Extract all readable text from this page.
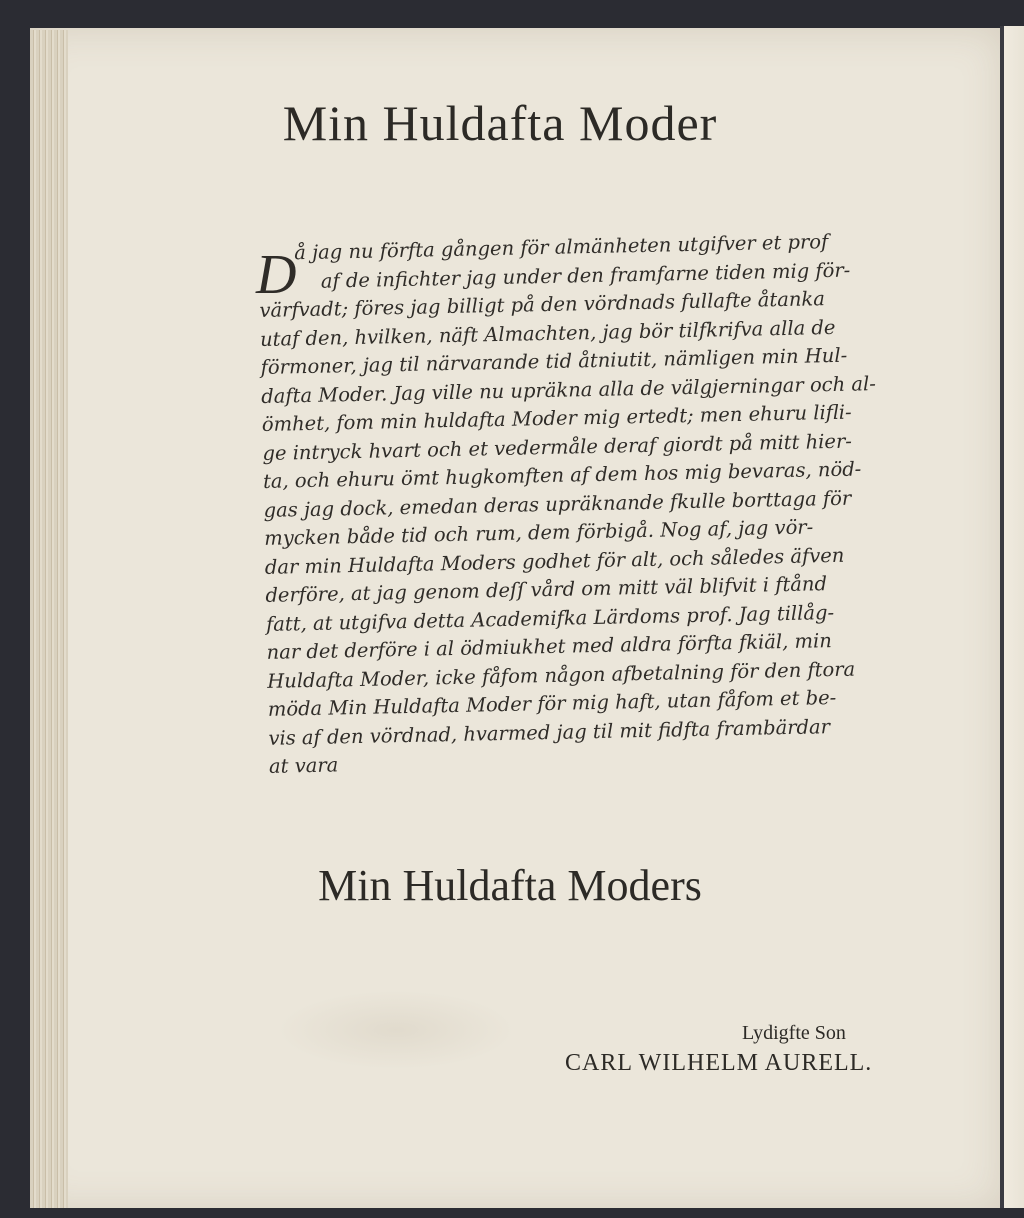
Min Huldafta Moder
D
å jag nu förfta gången för almänheten utgifver et prof
af de infichter jag under den framfarne tiden mig för-
värfvadt; föres jag billigt på den vördnads fullafte åtanka
utaf den, hvilken, näft Almachten, jag bör tilfkrifva alla de
förmoner, jag til närvarande tid åtniutit, nämligen min Hul-
dafta Moder. Jag ville nu upräkna alla de välgjerningar och al-
ömhet, fom min huldafta Moder mig ertedt; men ehuru lifli-
ge intryck hvart och et vedermåle deraf giordt på mitt hier-
ta, och ehuru ömt hugkomften af dem hos mig bevaras, nöd-
gas jag dock, emedan deras upräknande fkulle borttaga för
mycken både tid och rum, dem förbigå. Nog af, jag vör-
dar min Huldafta Moders godhet för alt, och således äfven
derföre, at jag genom deſſ vård om mitt väl blifvit i ftånd
fatt, at utgifva detta Academifka Lärdoms prof. Jag tillåg-
nar det derföre i al ödmiukhet med aldra förfta fkiäl, min
Huldafta Moder, icke fåfom någon afbetalning för den ftora
möda Min Huldafta Moder för mig haft, utan fåfom et be-
vis af den vördnad, hvarmed jag til mit fidfta frambärdar
at vara
Min Huldafta Moders
Lydigfte Son
CARL WILHELM AURELL.
